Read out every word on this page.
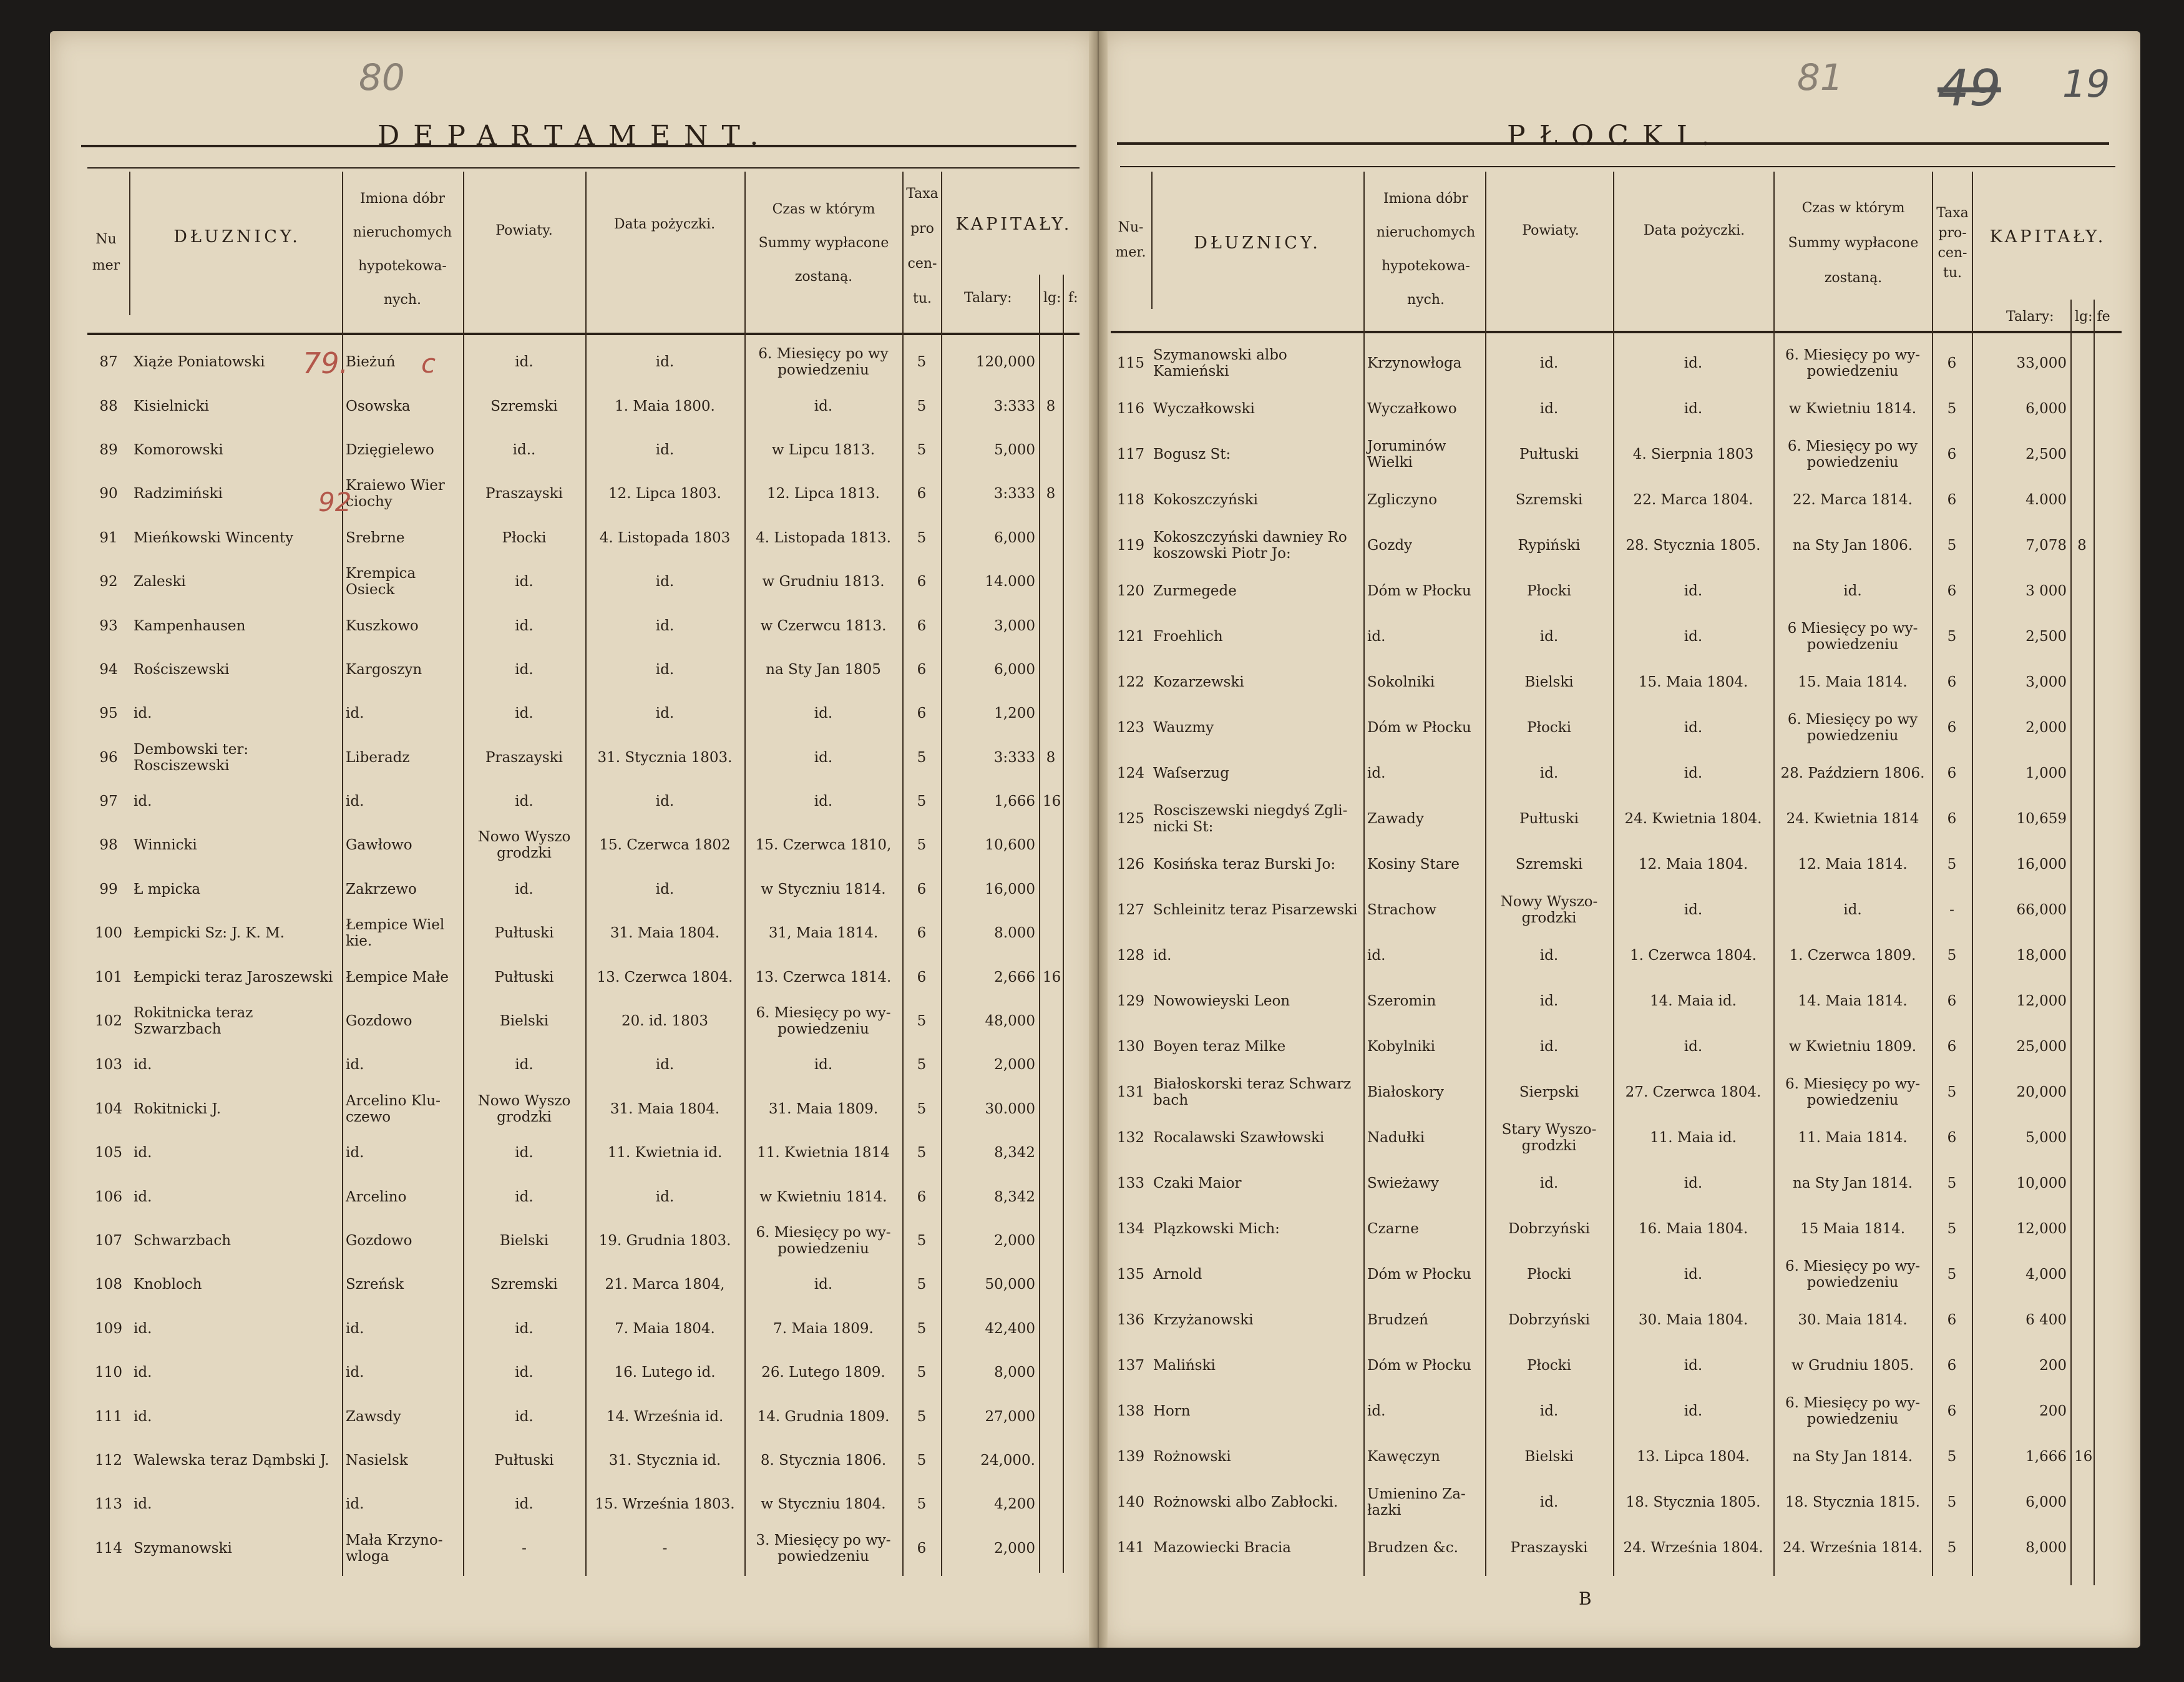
80	81 49 19
DEPARTAMENT.	PŁOCKI.
Nu mer
DŁUZNICY.
Imiona dóbr nieruchomych hypotekowa- nych.
Powiaty.	Data pożyczki.
Czas w którym Summy wypłacone zostaną.
Taxa pro cen- tu.
KAPITAŁY.
Talary: lg: f:
Nu- mer.	DŁUZNICY.
Imiona dóbr nieruchomych hypotekowa- nych.
Powiaty.	Data pożyczki.
Czas w którym Summy wypłacone zostaną.
Taxa pro- cen- tu.
KAPITAŁY.
Talary: lg: fe
87	Xiąże Poniatowski	Bieżuń	id.	id.	6. Miesięcy po wy powiedzeniu	5	120,000		
88	Kisielnicki	Osowska	Szremski	1. Maia 1800.	id.	5	3:333	8	
89	Komorowski	Dzięgielewo	id..	id.	w Lipcu 1813.	5	5,000		
90	Radzimiński	Kraiewo Wier ciochy	Praszayski	12. Lipca 1803.	12. Lipca 1813.	6	3:333	8	
91	Mieńkowski Wincenty	Srebrne	Płocki	4. Listopada 1803	4. Listopada 1813.	5	6,000		
92	Zaleski	Krempica Osieck	id.	id.	w Grudniu 1813.	6	14.000		
93	Kampenhausen	Kuszkowo	id.	id.	w Czerwcu 1813.	6	3,000		
94	Rościszewski	Kargoszyn	id.	id.	na Sty Jan 1805	6	6,000		
95	id.	id.	id.	id.	id.	6	1,200		
96	Dembowski ter: Rosciszewski	Liberadz	Praszayski	31. Stycznia 1803.	id.	5	3:333	8	
97	id.	id.	id.	id.	id.	5	1,666	16	
98	Winnicki	Gawłowo	Nowo Wyszo grodzki	15. Czerwca 1802	15. Czerwca 1810,	5	10,600		
99	Ł mpicka	Zakrzewo	id.	id.	w Styczniu 1814.	6	16,000		
100	Łempicki Sz: J. K. M.	Łempice Wiel kie.	Pułtuski	31. Maia 1804.	31, Maia 1814.	6	8.000		
101	Łempicki teraz Jaroszewski	Łempice Małe	Pułtuski	13. Czerwca 1804.	13. Czerwca 1814.	6	2,666	16	
102	Rokitnicka teraz Szwarzbach	Gozdowo	Bielski	20. id. 1803	6. Miesięcy po wy- powiedzeniu	5	48,000		
103	id.	id.	id.	id.	id.	5	2,000		
104	Rokitnicki J.	Arcelino Klu- czewo	Nowo Wyszo grodzki	31. Maia 1804.	31. Maia 1809.	5	30.000		
105	id.	id.	id.	11. Kwietnia id.	11. Kwietnia 1814	5	8,342		
106	id.	Arcelino	id.	id.	w Kwietniu 1814.	6	8,342		
107	Schwarzbach	Gozdowo	Bielski	19. Grudnia 1803.	6. Miesięcy po wy- powiedzeniu	5	2,000		
108	Knobloch	Szreńsk	Szremski	21. Marca 1804,	id.	5	50,000		
109	id.	id.	id.	7. Maia 1804.	7. Maia 1809.	5	42,400		
110	id.	id.	id.	16. Lutego id.	26. Lutego 1809.	5	8,000		
111	id.	Zawsdy	id.	14. Września id.	14. Grudnia 1809.	5	27,000		
112	Walewska teraz Dąmbski J.	Nasielsk	Pułtuski	31. Stycznia id.	8. Stycznia 1806.	5	24,000.		
113	id.	id.	id.	15. Września 1803.	w Styczniu 1804.	5	4,200		
114	Szymanowski	Mała Krzyno- wloga	-	-	3. Miesięcy po wy- powiedzeniu	6	2,000		
115	Szymanowski albo Kamieński	Krzynowłoga	id.	id.	6. Miesięcy po wy- powiedzeniu	6	33,000		
116	Wyczałkowski	Wyczałkowo	id.	id.	w Kwietniu 1814.	5	6,000		
117	Bogusz St:	Joruminów Wielki	Pułtuski	4. Sierpnia 1803	6. Miesięcy po wy powiedzeniu	6	2,500		
118	Kokoszczyński	Zgliczyno	Szremski	22. Marca 1804.	22. Marca 1814.	6	4.000		
119	Kokoszczyński dawniey Ro koszowski Piotr Jo:	Gozdy	Rypiński	28. Stycznia 1805.	na Sty Jan 1806.	5	7,078	8	
120	Zurmegede	Dóm w Płocku	Płocki	id.	id.	6	3 000		
121	Froehlich	id.	id.	id.	6 Miesięcy po wy- powiedzeniu	5	2,500		
122	Kozarzewski	Sokolniki	Bielski	15. Maia 1804.	15. Maia 1814.	6	3,000		
123	Wauzmy	Dóm w Płocku	Płocki	id.	6. Miesięcy po wy powiedzeniu	6	2,000		
124	Waſserzug	id.	id.	id.	28. Październ 1806.	6	1,000		
125	Rosciszewski niegdyś Zgli- nicki St:	Zawady	Pułtuski	24. Kwietnia 1804.	24. Kwietnia 1814	6	10,659		
126	Kosińska teraz Burski Jo:	Kosiny Stare	Szremski	12. Maia 1804.	12. Maia 1814.	5	16,000		
127	Schleinitz teraz Pisarzewski	Strachow	Nowy Wyszo- grodzki	id.	id.	-	66,000		
128	id.	id.	id.	1. Czerwca 1804.	1. Czerwca 1809.	5	18,000		
129	Nowowieyski Leon	Szeromin	id.	14. Maia id.	14. Maia 1814.	6	12,000		
130	Boyen teraz Milke	Kobylniki	id.	id.	w Kwietniu 1809.	6	25,000		
131	Białoskorski teraz Schwarz bach	Białoskory	Sierpski	27. Czerwca 1804.	6. Miesięcy po wy- powiedzeniu	5	20,000		
132	Rocalawski Szawłowski	Nadułki	Stary Wyszo- grodzki	11. Maia id.	11. Maia 1814.	6	5,000		
133	Czaki Maior	Swieżawy	id.	id.	na Sty Jan 1814.	5	10,000		
134	Plązkowski Mich:	Czarne	Dobrzyński	16. Maia 1804.	15 Maia 1814.	5	12,000		
135	Arnold	Dóm w Płocku	Płocki	id.	6. Miesięcy po wy- powiedzeniu	5	4,000		
136	Krzyżanowski	Brudzeń	Dobrzyński	30. Maia 1804.	30. Maia 1814.	6	6 400		
137	Maliński	Dóm w Płocku	Płocki	id.	w Grudniu 1805.	6	200		
138	Horn	id.	id.	id.	6. Miesięcy po wy- powiedzeniu	6	200		
139	Rożnowski	Kawęczyn	Bielski	13. Lipca 1804.	na Sty Jan 1814.	5	1,666	16	
140	Rożnowski albo Zabłocki.	Umienino Za- łazki	id.	18. Stycznia 1805.	18. Stycznia 1815.	5	6,000		
141	Mazowiecki Bracia	Brudzen &c.	Praszayski	24. Września 1804.	24. Września 1814.	5	8,000		
79.	c
92
B
